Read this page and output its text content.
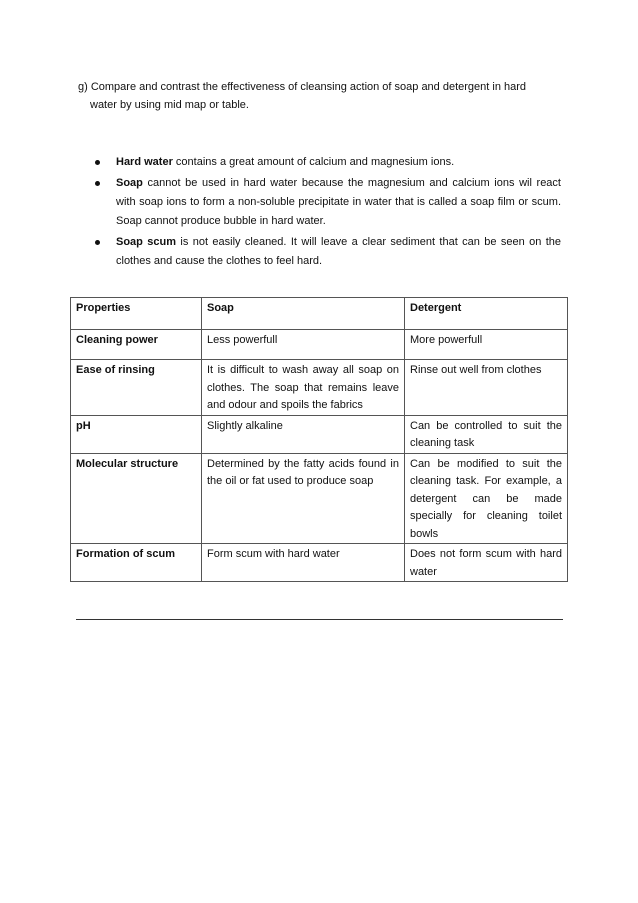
g) Compare and contrast the effectiveness of cleansing action of soap and detergent in hard
water by using mid map or table.
Hard water contains a great amount of calcium and magnesium ions.
Soap cannot be used in hard water because the magnesium and calcium ions wil react with soap ions to form a non-soluble precipitate in water that is called a soap film or scum. Soap cannot produce bubble in hard water.
Soap scum is not easily cleaned. It will leave a clear sediment that can be seen on the clothes and cause the clothes to feel hard.
Properties	Soap	Detergent
Cleaning power	Less powerfull	More powerfull
Ease of rinsing	It is difficult to wash away all soap on clothes. The soap that remains leave and odour and spoils the fabrics	Rinse out well from clothes
pH	Slightly alkaline	Can be controlled to suit the cleaning task
Molecular structure	Determined by the fatty acids found in the oil or fat used to produce soap	Can be modified to suit the cleaning task. For example, a detergent can be made specially for cleaning toilet bowls
Formation of scum	Form scum with hard water	Does not form scum with hard water
